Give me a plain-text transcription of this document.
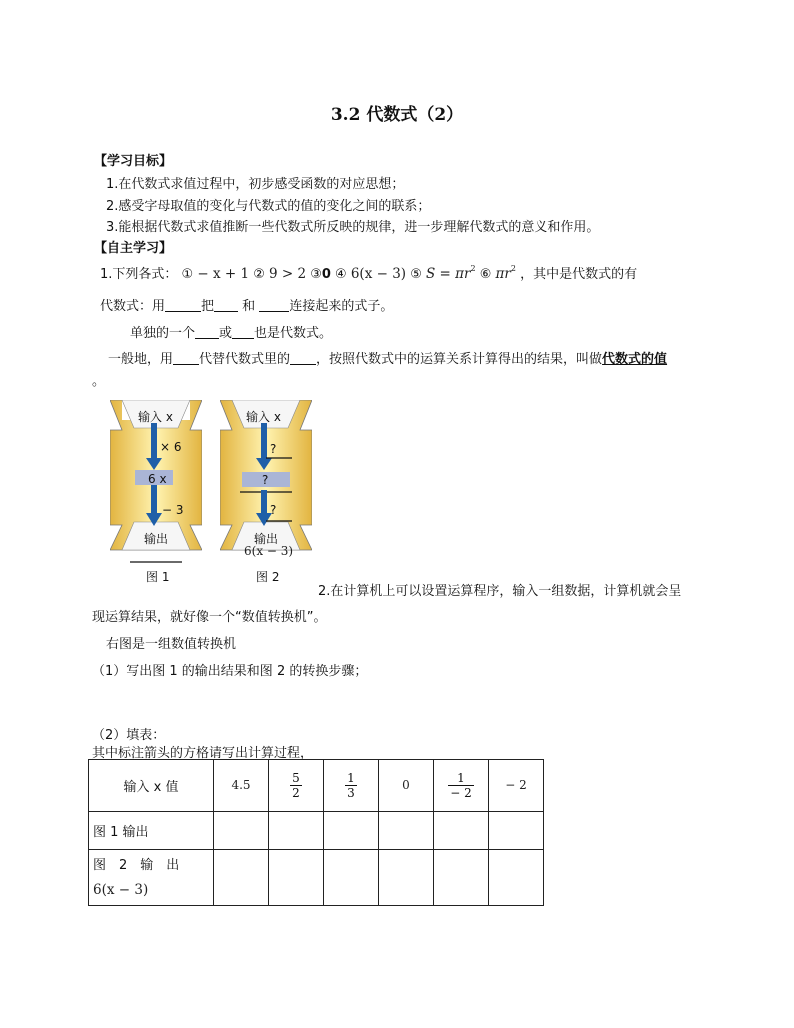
3.2 代数式（2）
【学习目标】
1.在代数式求值过程中，初步感受函数的对应思想；
2.感受字母取值的变化与代数式的值的变化之间的联系；
3.能根据代数式求值推断一些代数式所反映的规律，进一步理解代数式的意义和作用。
【自主学习】
1.下列各式： ① − x + 1 ② 9 > 2 ③0 ④ 6(x − 3) ⑤ $S = \pi r^2$ ⑥ $\pi r^2$ ，其中是代数式的有
代数式：用	把 和	连接起来的式子。
单独的一个 或 也是代数式。
一般地，用 代替代数式里的 ，按照代数式中的运算关系计算得出的结果，叫做代数式的值
。
输入 x
× 6
6 x
− 3
输出
图 1
输入 x
?
?
?
输出
6(x − 3)
图 2
2.在计算机上可以设置运算程序，输入一组数据，计算机就会呈
现运算结果，就好像一个“数值转换机”。
右图是一组数值转换机
（1）写出图 1 的输出结果和图 2 的转换步骤；
（2）填表：
其中标注箭头的方格请写出计算过程，
输入 x 值	4.5	$\frac{5}{2}$	$\frac{1}{3}$	0	$\frac{1}{- 2}$	− 2
图 1 输出						

图　2　输　出
6(x − 3)						
